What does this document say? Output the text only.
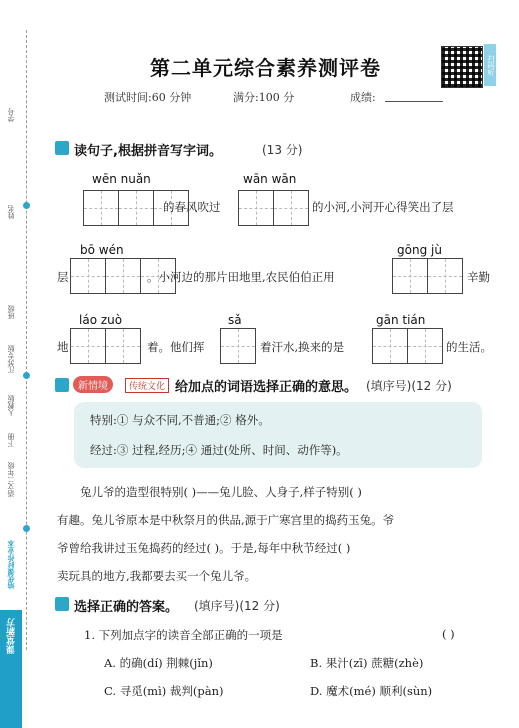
学号
姓名
班级
江苏专版
人教版
下册
语文二年级
课堂新方
培优课时作业本
第二单元综合素养测评卷	扫码听
测试时间:60 分钟	满分:100 分	成绩:
读句子,根据拼音写字词。	(13 分)
wēn nuǎn
的春风吹过
wān wān
的小河,小河开心得笑出了层
bō wén
层	。小河边的那片田地里,农民伯伯正用
gōng jù
辛勤
láo zuò
地	着。他们挥
sǎ
着汗水,换来的是
gān tián
的生活。
新情境	传统文化 给加点的词语选择正确的意思。 (填序号)(12 分)
特别:① 与众不同,不普通;② 格外。
经过:③ 过程,经历;④ 通过(处所、时间、动作等)。
兔儿爷的造型很特别( )——兔儿脸、人身子,样子特别( )
有趣。兔儿爷原本是中秋祭月的供品,源于广寒宫里的捣药玉兔。爷
爷曾给我讲过玉兔捣药的经过( )。于是,每年中秋节经过( )
卖玩具的地方,我都要去买一个兔儿爷。
选择正确的答案。 (填序号)(12 分)
1. 下列加点字的读音全部正确的一项是	( )
A. 的确(dí) 荆棘(jǐn)	B. 果汁(zī) 蔗糖(zhè)
C. 寻觅(mì) 裁判(pàn)	D. 魔术(mé) 顺利(sùn)
